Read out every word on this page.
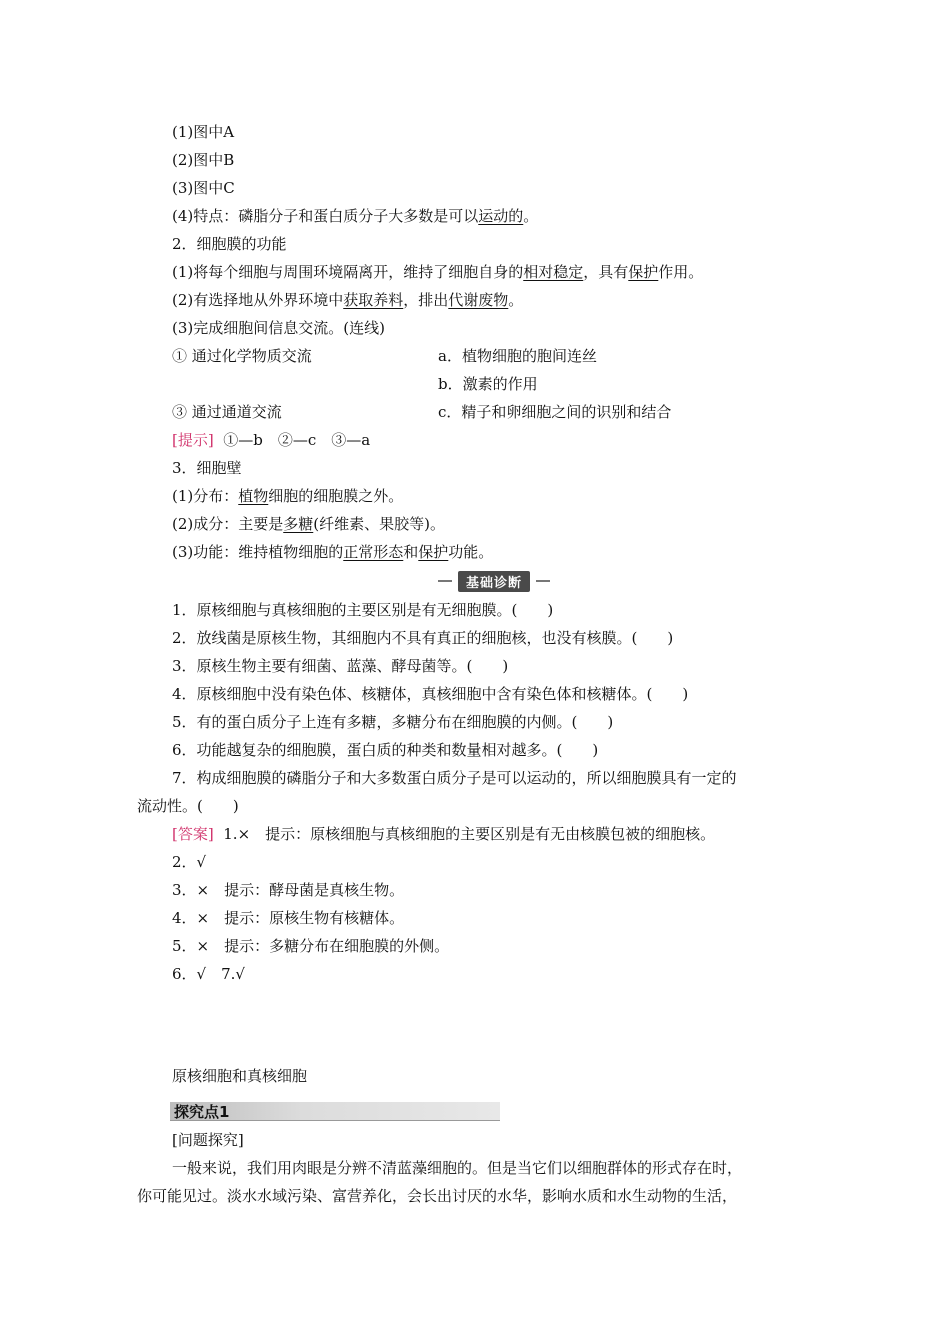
(1)图中A
(2)图中B
(3)图中C
(4)特点：磷脂分子和蛋白质分子大多数是可以运动的。
2．细胞膜的功能
(1)将每个细胞与周围环境隔离开，维持了细胞自身的相对稳定，具有保护作用。
(2)有选择地从外界环境中获取养料，排出代谢废物。
(3)完成细胞间信息交流。(连线)
① 通过化学物质交流	a．植物细胞的胞间连丝
b．激素的作用
③ 通过通道交流	c．精子和卵细胞之间的识别和结合
[提示] ①—b　②—c　③—a
3．细胞壁
(1)分布：植物细胞的细胞膜之外。
(2)成分：主要是多糖(纤维素、果胶等)。
(3)功能：维持植物细胞的正常形态和保护功能。
基础诊断
1．原核细胞与真核细胞的主要区别是有无细胞膜。(　　)
2．放线菌是原核生物，其细胞内不具有真正的细胞核，也没有核膜。(　　)
3．原核生物主要有细菌、蓝藻、酵母菌等。(　　)
4．原核细胞中没有染色体、核糖体，真核细胞中含有染色体和核糖体。(　　)
5．有的蛋白质分子上连有多糖，多糖分布在细胞膜的内侧。(　　)
6．功能越复杂的细胞膜，蛋白质的种类和数量相对越多。(　　)
7．构成细胞膜的磷脂分子和大多数蛋白质分子是可以运动的，所以细胞膜具有一定的
流动性。(　　)
[答案] 1.×　提示：原核细胞与真核细胞的主要区别是有无由核膜包被的细胞核。
2．√
3．×　提示：酵母菌是真核生物。
4．×　提示：原核生物有核糖体。
5．×　提示：多糖分布在细胞膜的外侧。
6．√　7.√
原核细胞和真核细胞
探究点1
[问题探究]
一般来说，我们用肉眼是分辨不清蓝藻细胞的。但是当它们以细胞群体的形式存在时，
你可能见过。淡水水域污染、富营养化，会长出讨厌的水华，影响水质和水生动物的生活，
